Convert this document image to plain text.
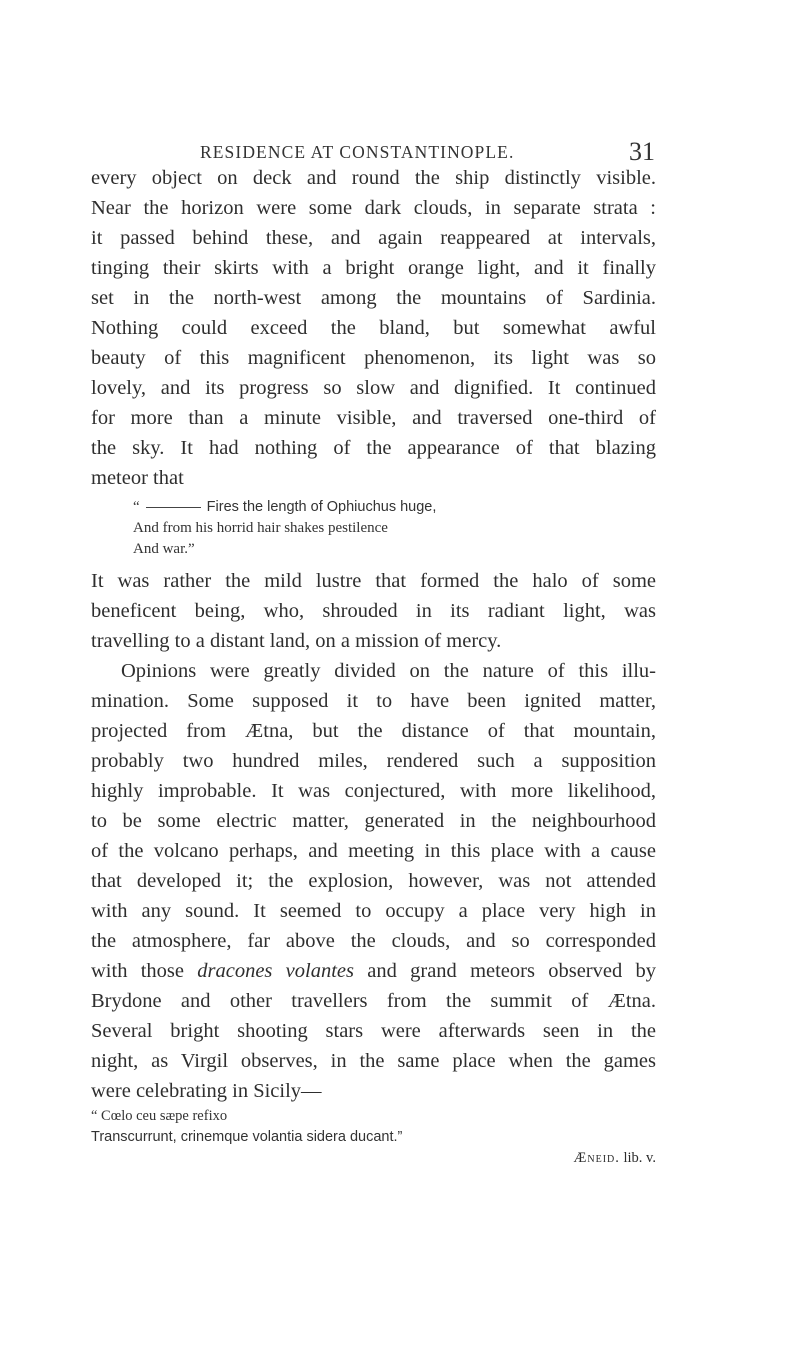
RESIDENCE AT CONSTANTINOPLE.	31
every object on deck and round the ship distinctly visible.
Near the horizon were some dark clouds, in separate strata :
it passed behind these, and again reappeared at intervals,
tinging their skirts with a bright orange light, and it finally
set in the north-west among the mountains of Sardinia.
Nothing could exceed the bland, but somewhat awful
beauty of this magnificent phenomenon, its light was so
lovely, and its progress so slow and dignified. It continued
for more than a minute visible, and traversed one-third of
the sky. It had nothing of the appearance of that blazing
meteor that
“	Fires the length of Ophiuchus huge,
And from his horrid hair shakes pestilence
And war.”
It was rather the mild lustre that formed the halo of some
beneficent being, who, shrouded in its radiant light, was
travelling to a distant land, on a mission of mercy.
Opinions were greatly divided on the nature of this illu-
mination. Some supposed it to have been ignited matter,
projected from Ætna, but the distance of that mountain,
probably two hundred miles, rendered such a supposition
highly improbable. It was conjectured, with more likelihood,
to be some electric matter, generated in the neighbourhood
of the volcano perhaps, and meeting in this place with a cause
that developed it; the explosion, however, was not attended
with any sound. It seemed to occupy a place very high in
the atmosphere, far above the clouds, and so corresponded
with those dracones volantes and grand meteors observed by
Brydone and other travellers from the summit of Ætna.
Several bright shooting stars were afterwards seen in the
night, as Virgil observes, in the same place when the games
were celebrating in Sicily—
“ Cœlo ceu sæpe refixo
Transcurrunt, crinemque volantia sidera ducant.”
Æneid. lib. v.
